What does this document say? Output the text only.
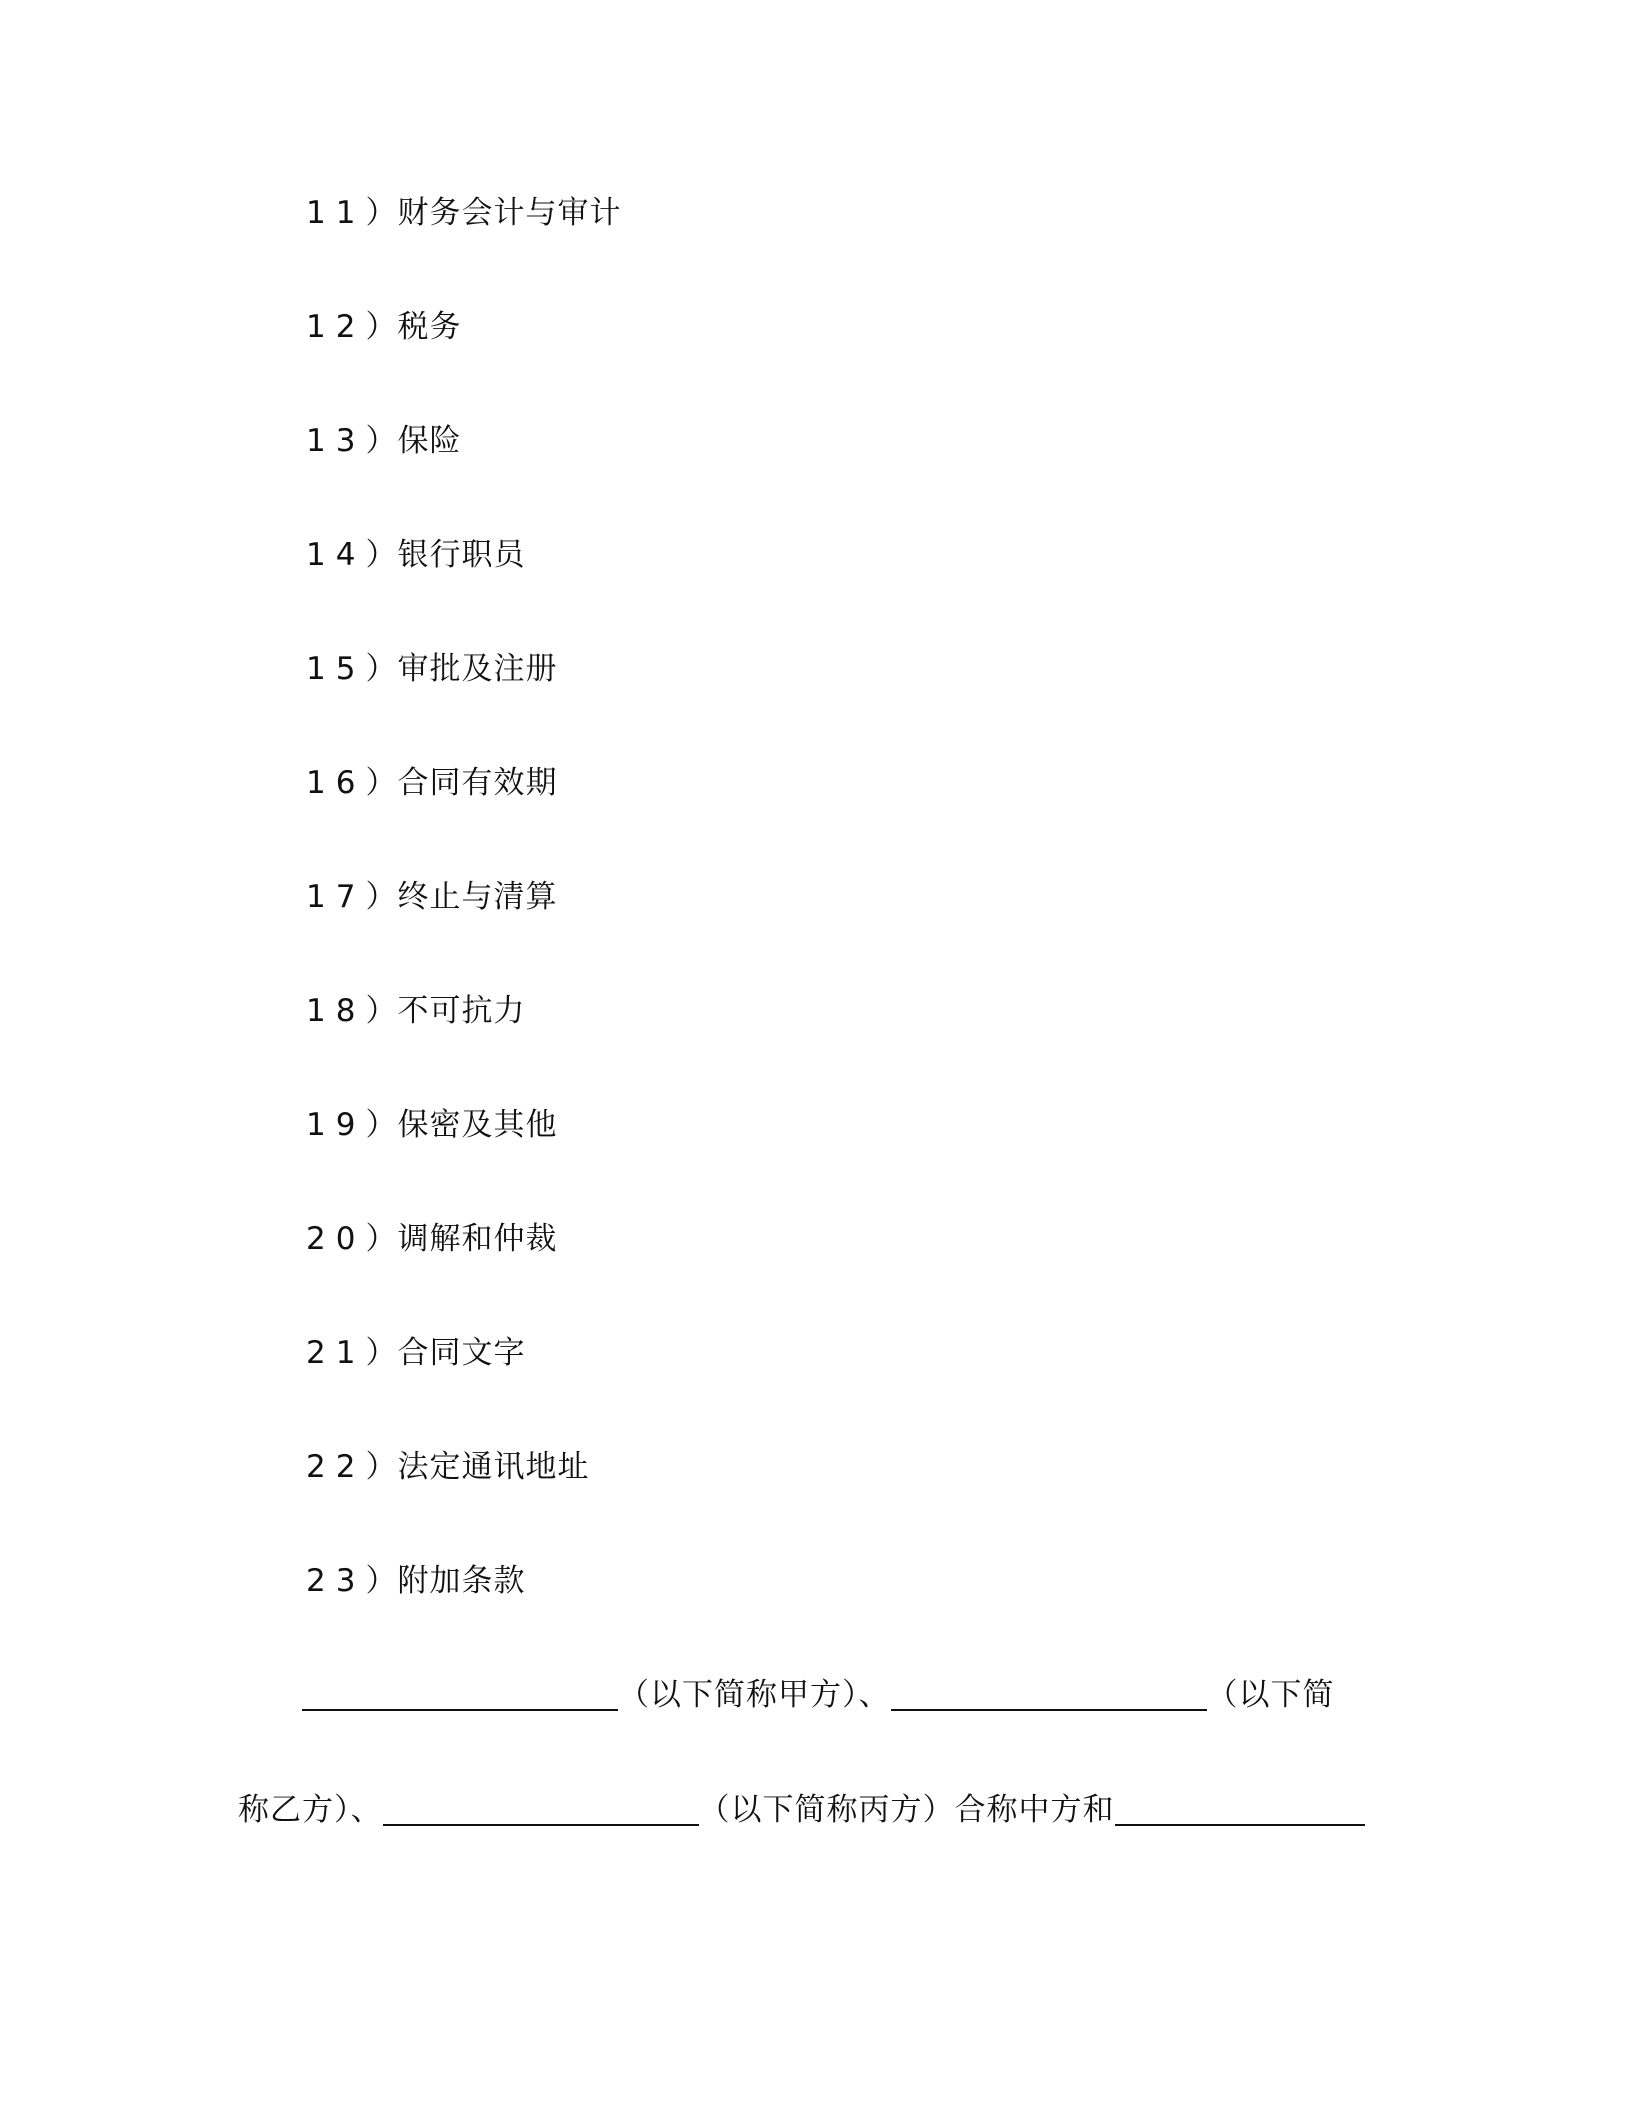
11）财务会计与审计
12）税务
13）保险
14）银行职员
15）审批及注册
16）合同有效期
17）终止与清算
18）不可抗力
19）保密及其他
20）调解和仲裁
21）合同文字
22）法定通讯地址
23）附加条款
（以下简称甲方）、	（以下简
称乙方）、	（以下简称丙方）合称中方和
